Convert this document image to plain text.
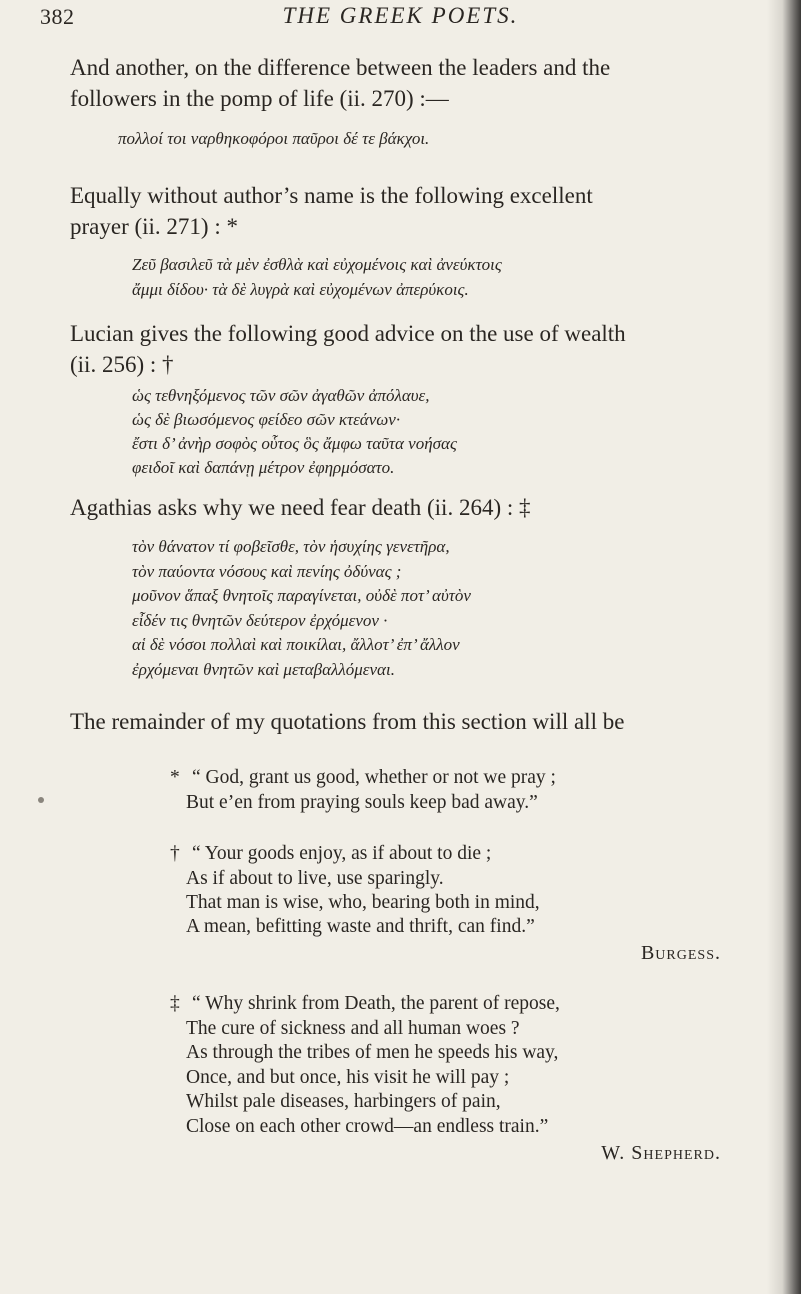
382	THE GREEK POETS.

And another, on the difference between the leaders and the
followers in the pomp of life (ii. 270) :—

πολλοί τοι ναρθηκοφόροι παῦροι δέ τε βάκχοι.

Equally without author’s name is the following excellent
prayer (ii. 271) : *

Ζεῦ βασιλεῦ τὰ μὲν ἐσθλὰ καὶ εὐχομένοις καὶ ἀνεύκτοις
ἄμμι δίδου· τὰ δὲ λυγρὰ καὶ εὐχομένων ἀπερύκοις.

Lucian gives the following good advice on the use of wealth
(ii. 256) : †

ὡς τεθνηξόμενος τῶν σῶν ἀγαθῶν ἀπόλαυε,
ὡς δὲ βιωσόμενος φείδεο σῶν κτεάνων·
ἔστι δ’ ἀνὴρ σοφὸς οὗτος ὃς ἄμφω ταῦτα νοήσας
φειδοῖ καὶ δαπάνῃ μέτρον ἐφηρμόσατο.

Agathias asks why we need fear death (ii. 264) : ‡

τὸν θάνατον τί φοβεῖσθε, τὸν ἡσυχίης γενετῆρα,
τὸν παύοντα νόσους καὶ πενίης ὀδύνας ;
μοῦνον ἅπαξ θνητοῖς παραγίνεται, οὐδὲ ποτ’ αὐτὸν
εἶδέν τις θνητῶν δεύτερον ἐρχόμενον ·
αἱ δὲ νόσοι πολλαὶ καὶ ποικίλαι, ἄλλοτ’ ἐπ’ ἄλλον
ἐρχόμεναι θνητῶν καὶ μεταβαλλόμεναι.

The remainder of my quotations from this section will all be

* “ God, grant us good, whether or not we pray ;
But e’en from praying souls keep bad away.”
† “ Your goods enjoy, as if about to die ;
As if about to live, use sparingly.
That man is wise, who, bearing both in mind,
A mean, befitting waste and thrift, can find.”
Burgess.
‡ “ Why shrink from Death, the parent of repose,
The cure of sickness and all human woes ?
As through the tribes of men he speeds his way,
Once, and but once, his visit he will pay ;
Whilst pale diseases, harbingers of pain,
Close on each other crowd—an endless train.”
W. Shepherd.
